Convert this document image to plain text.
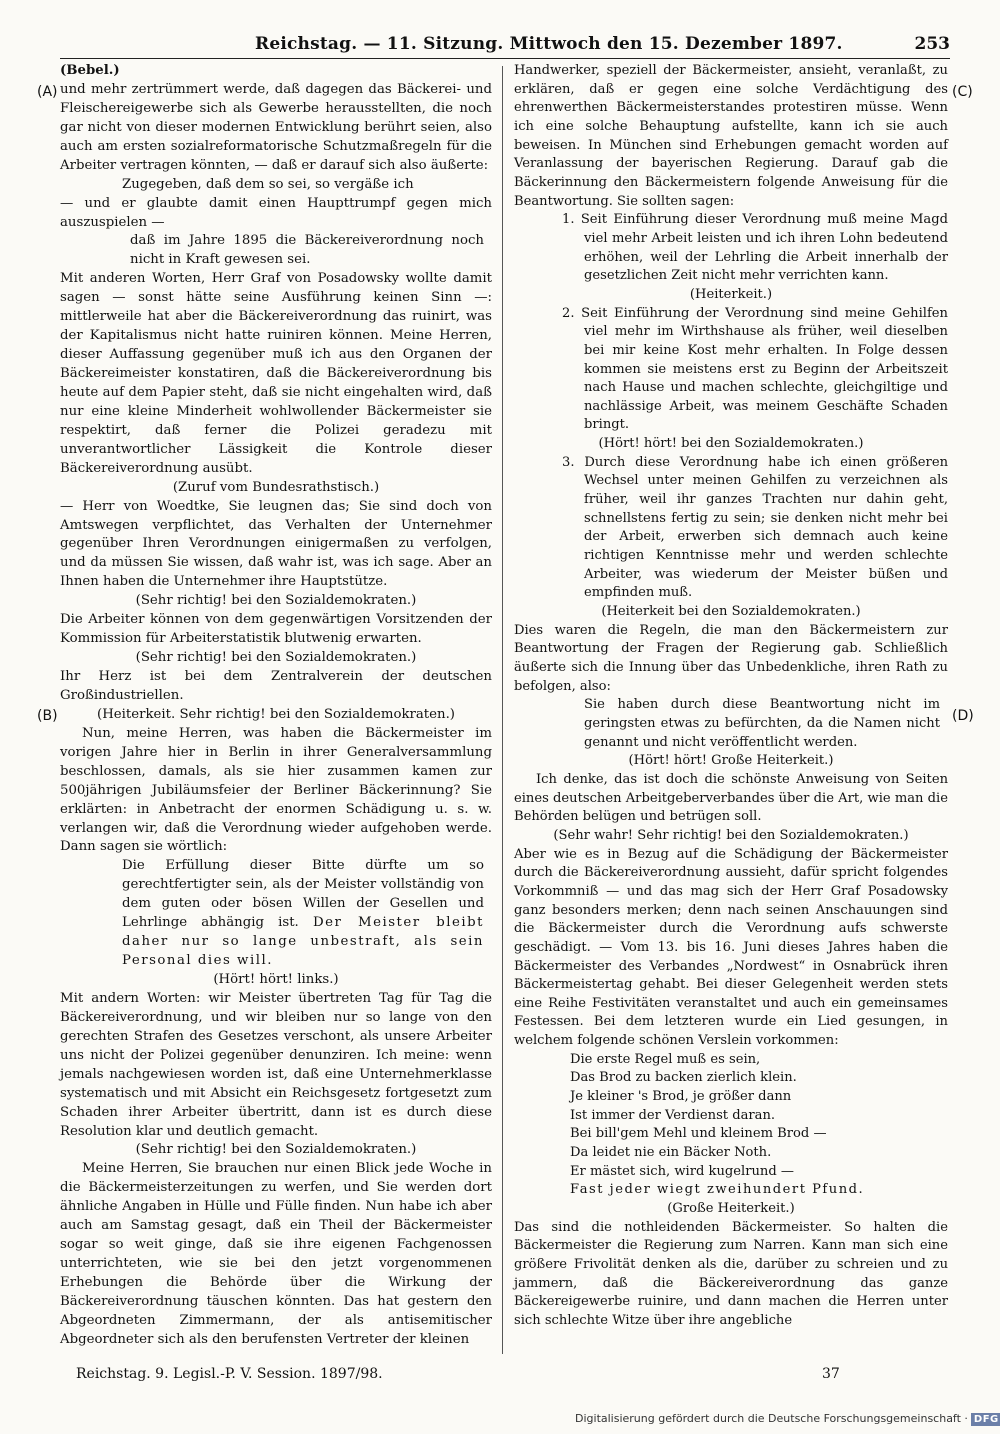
Reichstag. — 11. Sitzung. Mittwoch den 15. Dezember 1897.	253
(A)
(B)
(C)
(D)

(Bebel.)

und mehr zertrümmert werde, daß dagegen das Bäckerei- und Fleischereigewerbe sich als Gewerbe herausstellten, die noch gar nicht von dieser modernen Entwicklung berührt seien, also auch am ersten sozialreformatorische Schutzmaßregeln für die Arbeiter vertragen könnten, — daß er darauf sich also äußerte:

Zugegeben, daß dem so sei, so vergäße ich

— und er glaubte damit einen Haupttrumpf gegen mich auszuspielen —

daß im Jahre 1895 die Bäckereiverordnung noch nicht in Kraft gewesen sei.

Mit anderen Worten, Herr Graf von Posadowsky wollte damit sagen — sonst hätte seine Ausführung keinen Sinn —: mittlerweile hat aber die Bäckereiverordnung das ruinirt, was der Kapitalismus nicht hatte ruiniren können. Meine Herren, dieser Auffassung gegenüber muß ich aus den Organen der Bäckereimeister konstatiren, daß die Bäckereiverordnung bis heute auf dem Papier steht, daß sie nicht eingehalten wird, daß nur eine kleine Minderheit wohlwollender Bäckermeister sie respektirt, daß ferner die Polizei geradezu mit unverantwortlicher Lässigkeit die Kontrole dieser Bäckereiverordnung ausübt.

(Zuruf vom Bundesrathstisch.)

— Herr von Woedtke, Sie leugnen das; Sie sind doch von Amtswegen verpflichtet, das Verhalten der Unternehmer gegenüber Ihren Verordnungen einigermaßen zu verfolgen, und da müssen Sie wissen, daß wahr ist, was ich sage. Aber an Ihnen haben die Unternehmer ihre Hauptstütze.

(Sehr richtig! bei den Sozialdemokraten.)

Die Arbeiter können von dem gegenwärtigen Vorsitzenden der Kommission für Arbeiterstatistik blutwenig erwarten.

(Sehr richtig! bei den Sozialdemokraten.)

Ihr Herz ist bei dem Zentralverein der deutschen Großindustriellen.

(Heiterkeit. Sehr richtig! bei den Sozialdemokraten.)

Nun, meine Herren, was haben die Bäckermeister im vorigen Jahre hier in Berlin in ihrer Generalversammlung beschlossen, damals, als sie hier zusammen kamen zur 500jährigen Jubiläumsfeier der Berliner Bäckerinnung? Sie erklärten: in Anbetracht der enormen Schädigung u. s. w. verlangen wir, daß die Verordnung wieder aufgehoben werde. Dann sagen sie wörtlich:

Die Erfüllung dieser Bitte dürfte um so gerechtfertigter sein, als der Meister vollständig von dem guten oder bösen Willen der Gesellen und Lehrlinge abhängig ist. Der Meister bleibt daher nur so lange unbestraft, als sein Personal dies will.

(Hört! hört! links.)

Mit andern Worten: wir Meister übertreten Tag für Tag die Bäckereiverordnung, und wir bleiben nur so lange von den gerechten Strafen des Gesetzes verschont, als unsere Arbeiter uns nicht der Polizei gegenüber denunziren. Ich meine: wenn jemals nachgewiesen worden ist, daß eine Unternehmerklasse systematisch und mit Absicht ein Reichsgesetz fortgesetzt zum Schaden ihrer Arbeiter übertritt, dann ist es durch diese Resolution klar und deutlich gemacht.

(Sehr richtig! bei den Sozialdemokraten.)

Meine Herren, Sie brauchen nur einen Blick jede Woche in die Bäckermeisterzeitungen zu werfen, und Sie werden dort ähnliche Angaben in Hülle und Fülle finden. Nun habe ich aber auch am Samstag gesagt, daß ein Theil der Bäckermeister sogar so weit ginge, daß sie ihre eigenen Fachgenossen unterrichteten, wie sie bei den jetzt vorgenommenen Erhebungen die Behörde über die Wirkung der Bäckereiverordnung täuschen könnten. Das hat gestern den Abgeordneten Zimmermann, der als antisemitischer Abgeordneter sich als den berufensten Vertreter der kleinen

Handwerker, speziell der Bäckermeister, ansieht, veranlaßt, zu erklären, daß er gegen eine solche Verdächtigung des ehrenwerthen Bäckermeisterstandes protestiren müsse. Wenn ich eine solche Behauptung aufstellte, kann ich sie auch beweisen. In München sind Erhebungen gemacht worden auf Veranlassung der bayerischen Regierung. Darauf gab die Bäckerinnung den Bäckermeistern folgende Anweisung für die Beantwortung. Sie sollten sagen:

1. Seit Einführung dieser Verordnung muß meine Magd viel mehr Arbeit leisten und ich ihren Lohn bedeutend erhöhen, weil der Lehrling die Arbeit innerhalb der gesetzlichen Zeit nicht mehr verrichten kann.

(Heiterkeit.)

2. Seit Einführung der Verordnung sind meine Gehilfen viel mehr im Wirthshause als früher, weil dieselben bei mir keine Kost mehr erhalten. In Folge dessen kommen sie meistens erst zu Beginn der Arbeitszeit nach Hause und machen schlechte, gleichgiltige und nachlässige Arbeit, was meinem Geschäfte Schaden bringt.

(Hört! hört! bei den Sozialdemokraten.)

3. Durch diese Verordnung habe ich einen größeren Wechsel unter meinen Gehilfen zu verzeichnen als früher, weil ihr ganzes Trachten nur dahin geht, schnellstens fertig zu sein; sie denken nicht mehr bei der Arbeit, erwerben sich demnach auch keine richtigen Kenntnisse mehr und werden schlechte Arbeiter, was wiederum der Meister büßen und empfinden muß.

(Heiterkeit bei den Sozialdemokraten.)

Dies waren die Regeln, die man den Bäckermeistern zur Beantwortung der Fragen der Regierung gab. Schließlich äußerte sich die Innung über das Unbedenkliche, ihren Rath zu befolgen, also:

Sie haben durch diese Beantwortung nicht im geringsten etwas zu befürchten, da die Namen nicht genannt und nicht veröffentlicht werden.

(Hört! hört! Große Heiterkeit.)

Ich denke, das ist doch die schönste Anweisung von Seiten eines deutschen Arbeitgeberverbandes über die Art, wie man die Behörden belügen und betrügen soll.

(Sehr wahr! Sehr richtig! bei den Sozialdemokraten.)

Aber wie es in Bezug auf die Schädigung der Bäckermeister durch die Bäckereiverordnung aussieht, dafür spricht folgendes Vorkommniß — und das mag sich der Herr Graf Posadowsky ganz besonders merken; denn nach seinen Anschauungen sind die Bäckermeister durch die Verordnung aufs schwerste geschädigt. — Vom 13. bis 16. Juni dieses Jahres haben die Bäckermeister des Verbandes „Nordwest“ in Osnabrück ihren Bäckermeistertag gehabt. Bei dieser Gelegenheit werden stets eine Reihe Festivitäten veranstaltet und auch ein gemeinsames Festessen. Bei dem letzteren wurde ein Lied gesungen, in welchem folgende schönen Verslein vorkommen:

Die erste Regel muß es sein,

Das Brod zu backen zierlich klein.

Je kleiner 's Brod, je größer dann

Ist immer der Verdienst daran.

Bei bill'gem Mehl und kleinem Brod —

Da leidet nie ein Bäcker Noth.

Er mästet sich, wird kugelrund —

Fast jeder wiegt zweihundert Pfund.

(Große Heiterkeit.)

Das sind die nothleidenden Bäckermeister. So halten die Bäckermeister die Regierung zum Narren. Kann man sich eine größere Frivolität denken als die, darüber zu schreien und zu jammern, daß die Bäckereiverordnung das ganze Bäckereigewerbe ruinire, und dann machen die Herren unter sich schlechte Witze über ihre angebliche

Reichstag. 9. Legisl.-P. V. Session. 1897/98.	37
Digitalisierung gefördert durch die Deutsche Forschungsgemeinschaft · DFG
